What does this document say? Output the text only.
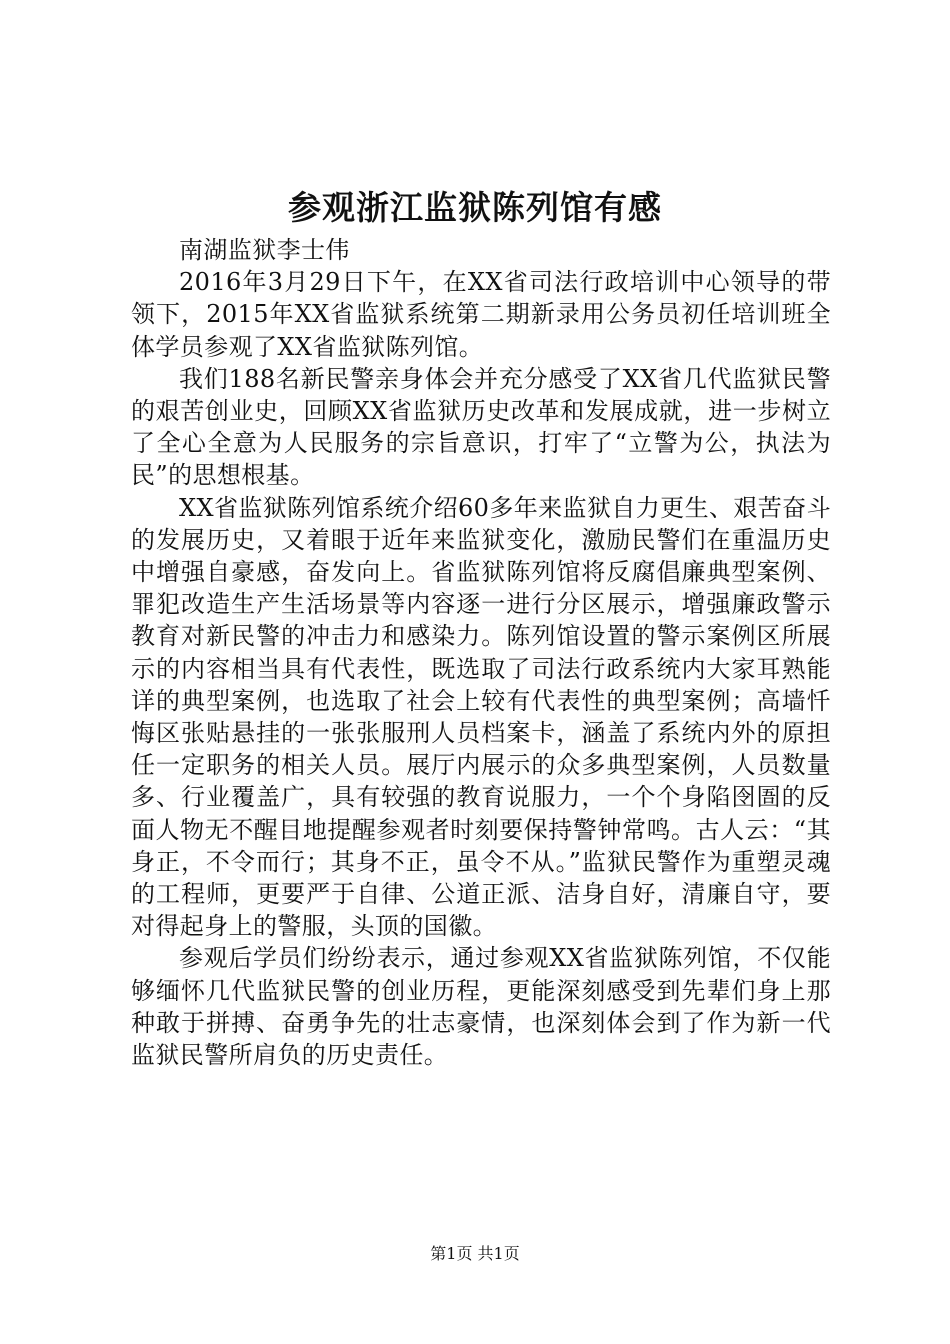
参观浙江监狱陈列馆有感

南湖监狱李士伟

2016年3月29日下午，在XX省司法行政培训中心领导的带领下，2015年XX省监狱系统第二期新录用公务员初任培训班全体学员参观了XX省监狱陈列馆。

我们188名新民警亲身体会并充分感受了XX省几代监狱民警的艰苦创业史，回顾XX省监狱历史改革和发展成就，进一步树立了全心全意为人民服务的宗旨意识，打牢了“立警为公，执法为民”的思想根基。

XX省监狱陈列馆系统介绍60多年来监狱自力更生、艰苦奋斗的发展历史，又着眼于近年来监狱变化，激励民警们在重温历史中增强自豪感，奋发向上。省监狱陈列馆将反腐倡廉典型案例、罪犯改造生产生活场景等内容逐一进行分区展示，增强廉政警示教育对新民警的冲击力和感染力。陈列馆设置的警示案例区所展示的内容相当具有代表性，既选取了司法行政系统内大家耳熟能详的典型案例，也选取了社会上较有代表性的典型案例；高墙忏悔区张贴悬挂的一张张服刑人员档案卡，涵盖了系统内外的原担任一定职务的相关人员。展厅内展示的众多典型案例，人员数量多、行业覆盖广，具有较强的教育说服力，一个个身陷囹圄的反面人物无不醒目地提醒参观者时刻要保持警钟常鸣。古人云：“其身正，不令而行；其身不正，虽令不从。”监狱民警作为重塑灵魂的工程师，更要严于自律、公道正派、洁身自好，清廉自守，要对得起身上的警服，头顶的国徽。

参观后学员们纷纷表示，通过参观XX省监狱陈列馆，不仅能够缅怀几代监狱民警的创业历程，更能深刻感受到先辈们身上那种敢于拼搏、奋勇争先的壮志豪情，也深刻体会到了作为新一代监狱民警所肩负的历史责任。

第1页 共1页
